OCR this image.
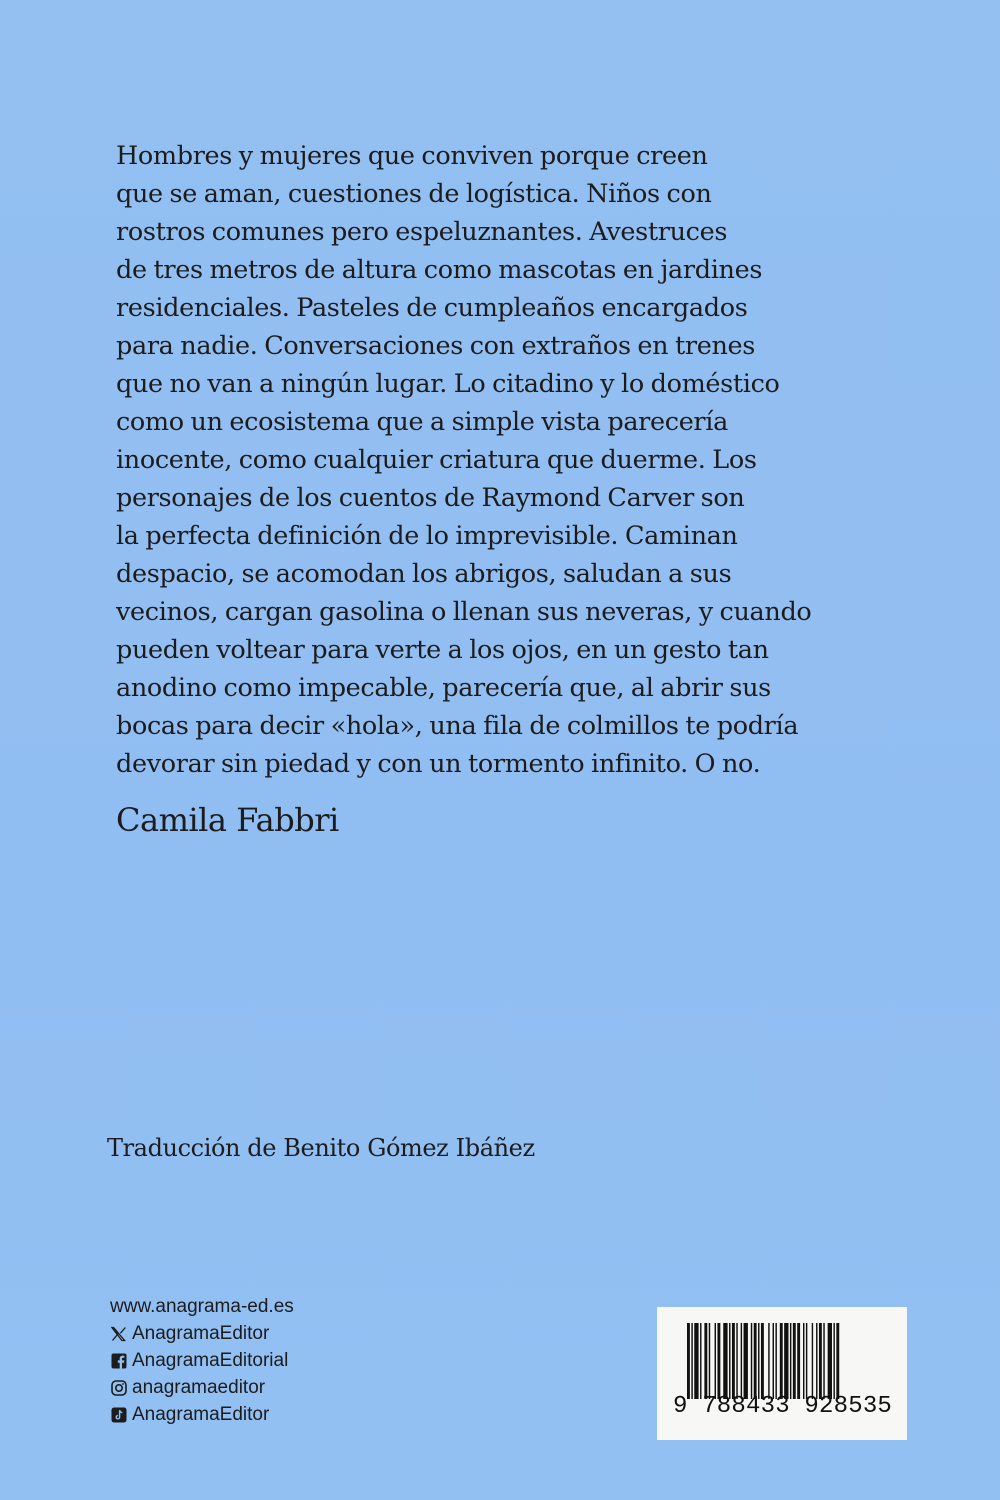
Hombres y mujeres que conviven porque creen
que se aman, cuestiones de logística. Niños con
rostros comunes pero espeluznantes. Avestruces
de tres metros de altura como mascotas en jardines
residenciales. Pasteles de cumpleaños encargados
para nadie. Conversaciones con extraños en trenes
que no van a ningún lugar. Lo citadino y lo doméstico
como un ecosistema que a simple vista parecería
inocente, como cualquier criatura que duerme. Los
personajes de los cuentos de Raymond Carver son
la perfecta definición de lo imprevisible. Caminan
despacio, se acomodan los abrigos, saludan a sus
vecinos, cargan gasolina o llenan sus neveras, y cuando
pueden voltear para verte a los ojos, en un gesto tan
anodino como impecable, parecería que, al abrir sus
bocas para decir «hola», una fila de colmillos te podría
devorar sin piedad y con un tormento infinito. O no.
Camila Fabbri
Traducción de Benito Gómez Ibáñez
www.anagrama-ed.es
AnagramaEditor
AnagramaEditorial
anagramaeditor
AnagramaEditor	9 788433 928535
